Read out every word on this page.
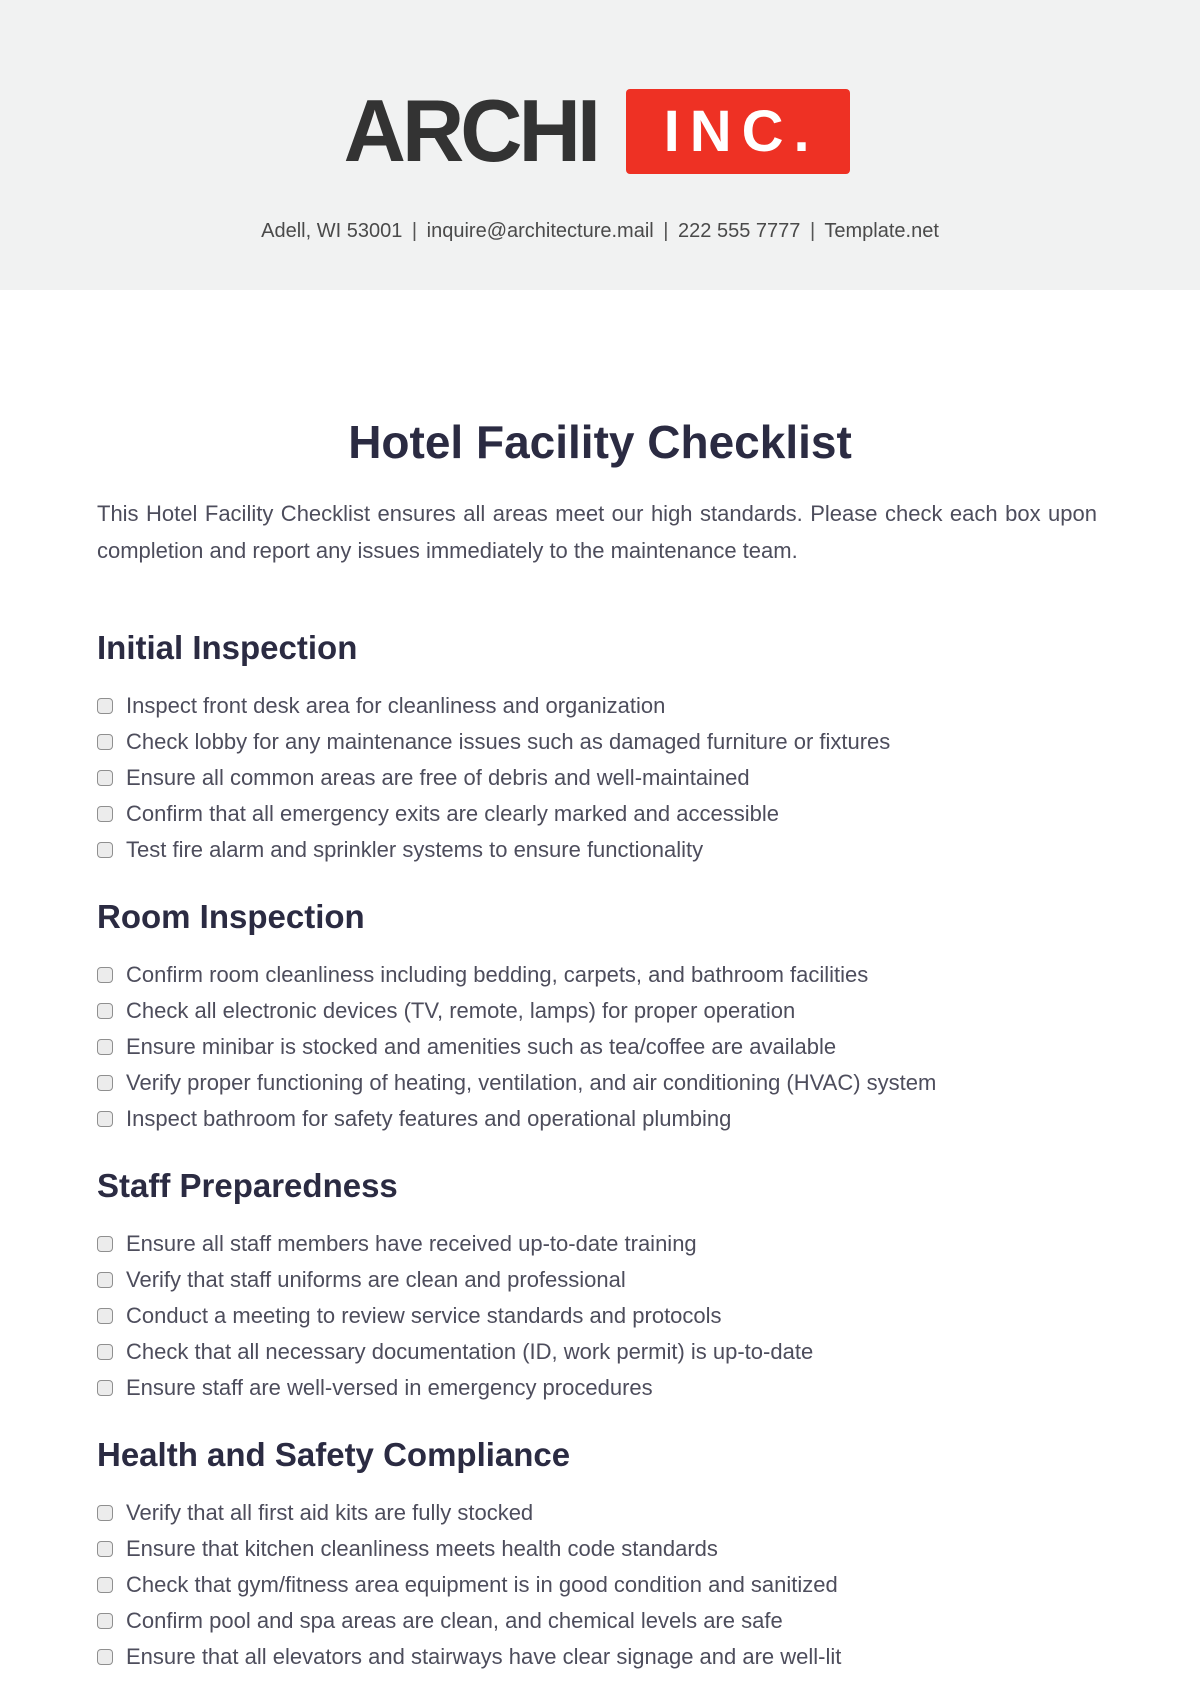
ARCHI	INC.
Adell, WI 53001 | inquire@architecture.mail | 222 555 7777 | Template.net
Hotel Facility Checklist

This Hotel Facility Checklist ensures all areas meet our high standards. Please check each box upon completion and report any issues immediately to the maintenance team.

Initial Inspection
Inspect front desk area for cleanliness and organization
Check lobby for any maintenance issues such as damaged furniture or fixtures
Ensure all common areas are free of debris and well-maintained
Confirm that all emergency exits are clearly marked and accessible
Test fire alarm and sprinkler systems to ensure functionality
Room Inspection
Confirm room cleanliness including bedding, carpets, and bathroom facilities
Check all electronic devices (TV, remote, lamps) for proper operation
Ensure minibar is stocked and amenities such as tea/coffee are available
Verify proper functioning of heating, ventilation, and air conditioning (HVAC) system
Inspect bathroom for safety features and operational plumbing
Staff Preparedness
Ensure all staff members have received up-to-date training
Verify that staff uniforms are clean and professional
Conduct a meeting to review service standards and protocols
Check that all necessary documentation (ID, work permit) is up-to-date
Ensure staff are well-versed in emergency procedures
Health and Safety Compliance
Verify that all first aid kits are fully stocked
Ensure that kitchen cleanliness meets health code standards
Check that gym/fitness area equipment is in good condition and sanitized
Confirm pool and spa areas are clean, and chemical levels are safe
Ensure that all elevators and stairways have clear signage and are well-lit
